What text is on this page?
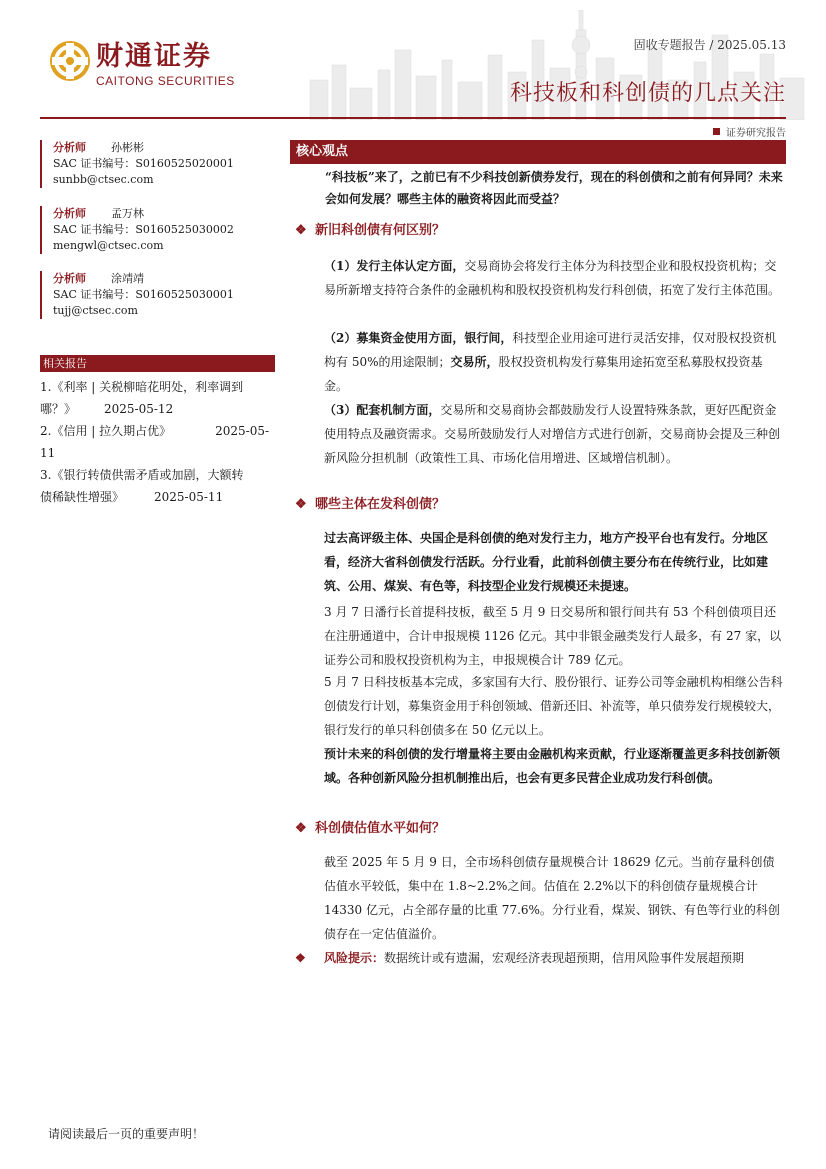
财通证券
CAITONG SECURITIES
固收专题报告 / 2025.05.13
科技板和科创债的几点关注
证券研究报告
分析师 孙彬彬
SAC 证书编号：S0160525020001
sunbb@ctsec.com
分析师 孟万林
SAC 证书编号：S0160525030002
mengwl@ctsec.com
分析师 涂靖靖
SAC 证书编号：S0160525030001
tujj@ctsec.com
相关报告
1.《利率 | 关税柳暗花明处，利率调到
哪？》 2025-05-12
2.《信用 | 拉久期占优》	2025-05-11
3.《银行转债供需矛盾或加剧，大额转
债稀缺性增强》	2025-05-11
核心观点
“科技板”来了，之前已有不少科技创新债券发行，现在的科创债和之前有何异同？未来会如何发展？哪些主体的融资将因此而受益？
❖ 新旧科创债有何区别？
（1）发行主体认定方面，交易商协会将发行主体分为科技型企业和股权投资机构；交易所新增支持符合条件的金融机构和股权投资机构发行科创债，拓宽了发行主体范围。
（2）募集资金使用方面，银行间，科技型企业用途可进行灵活安排，仅对股权投资机构有 50%的用途限制；交易所，股权投资机构发行募集用途拓宽至私募股权投资基金。
（3）配套机制方面，交易所和交易商协会都鼓励发行人设置特殊条款，更好匹配资金使用特点及融资需求。交易所鼓励发行人对增信方式进行创新，交易商协会提及三种创新风险分担机制（政策性工具、市场化信用增进、区域增信机制）。
❖ 哪些主体在发科创债？
过去高评级主体、央国企是科创债的绝对发行主力，地方产投平台也有发行。分地区看，经济大省科创债发行活跃。分行业看，此前科创债主要分布在传统行业，比如建筑、公用、煤炭、有色等，科技型企业发行规模还未提速。
3 月 7 日潘行长首提科技板，截至 5 月 9 日交易所和银行间共有 53 个科创债项目还在注册通道中，合计申报规模 1126 亿元。其中非银金融类发行人最多，有 27 家，以证券公司和股权投资机构为主，申报规模合计 789 亿元。
5 月 7 日科技板基本完成，多家国有大行、股份银行、证券公司等金融机构相继公告科创债发行计划，募集资金用于科创领域、借新还旧、补流等，单只债券发行规模较大，银行发行的单只科创债多在 50 亿元以上。
预计未来的科创债的发行增量将主要由金融机构来贡献，行业逐渐覆盖更多科技创新领域。各种创新风险分担机制推出后，也会有更多民营企业成功发行科创债。
❖ 科创债估值水平如何？
截至 2025 年 5 月 9 日，全市场科创债存量规模合计 18629 亿元。当前存量科创债估值水平较低，集中在 1.8~2.2%之间。估值在 2.2%以下的科创债存量规模合计 14330 亿元，占全部存量的比重 77.6%。分行业看，煤炭、钢铁、有色等行业的科创债存在一定估值溢价。
❖ 风险提示：数据统计或有遗漏，宏观经济表现超预期，信用风险事件发展超预期
请阅读最后一页的重要声明！
